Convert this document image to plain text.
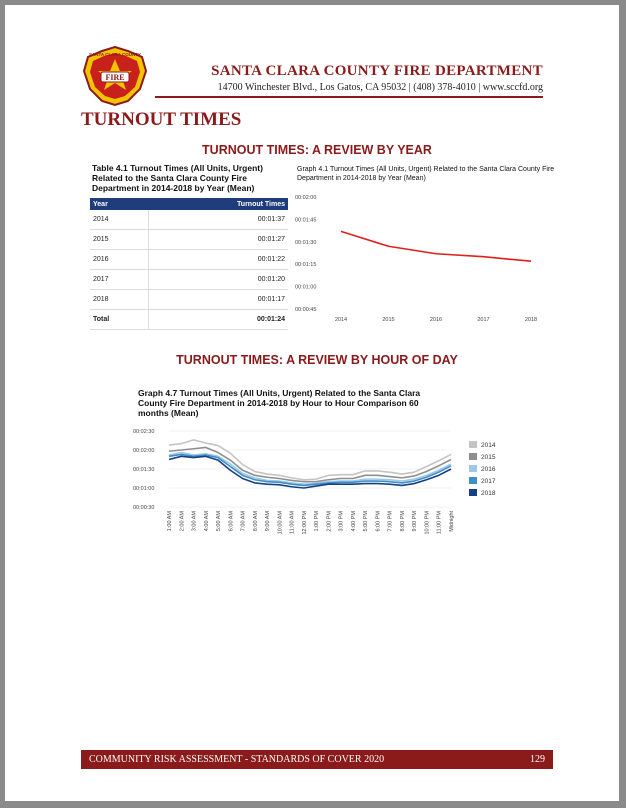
FIRE
SANTA CLARA COUNTY
SANTA CLARA COUNTY FIRE DEPARTMENT
14700 Winchester Blvd., Los Gatos, CA 95032 | (408) 378-4010 | www.sccfd.org
TURNOUT TIMES
TURNOUT TIMES: A REVIEW BY YEAR
Table 4.1 Turnout Times (All Units, Urgent) Related to the Santa Clara County Fire Department in 2014-2018 by Year (Mean)
Year	Turnout Times
2014	00:01:37
2015	00:01:27
2016	00:01:22
2017	00:01:20
2018	00:01:17
Total	00:01:24
Graph 4.1 Turnout Times (All Units, Urgent) Related to the Santa Clara County Fire Department in 2014-2018 by Year (Mean)
00:02:00
00:01:45
00:01:30
00:01:15
00:01:00
00:00:45
2014	2015	2016	2017	2018
TURNOUT TIMES: A REVIEW BY HOUR OF DAY
Graph 4.7 Turnout Times (All Units, Urgent) Related to the Santa Clara County Fire Department in 2014-2018 by Hour to Hour Comparison 60 months (Mean)
00:02:30
00:02:00
00:01:30
00:01:00
00:00:30
1:00 AM 2:00 AM 3:00 AM 4:00 AM 5:00 AM 6:00 AM 7:00 AM 8:00 AM 9:00 AM 10:00 AM 11:00 AM 12:00 PM 1:00 PM 2:00 PM 3:00 PM 4:00 PM 5:00 PM 6:00 PM 7:00 PM 8:00 PM 9:00 PM 10:00 PM 11:00 PM Midnight
2014
2015
2016
2017
2018
COMMUNITY RISK ASSESSMENT - STANDARDS OF COVER 2020	129
